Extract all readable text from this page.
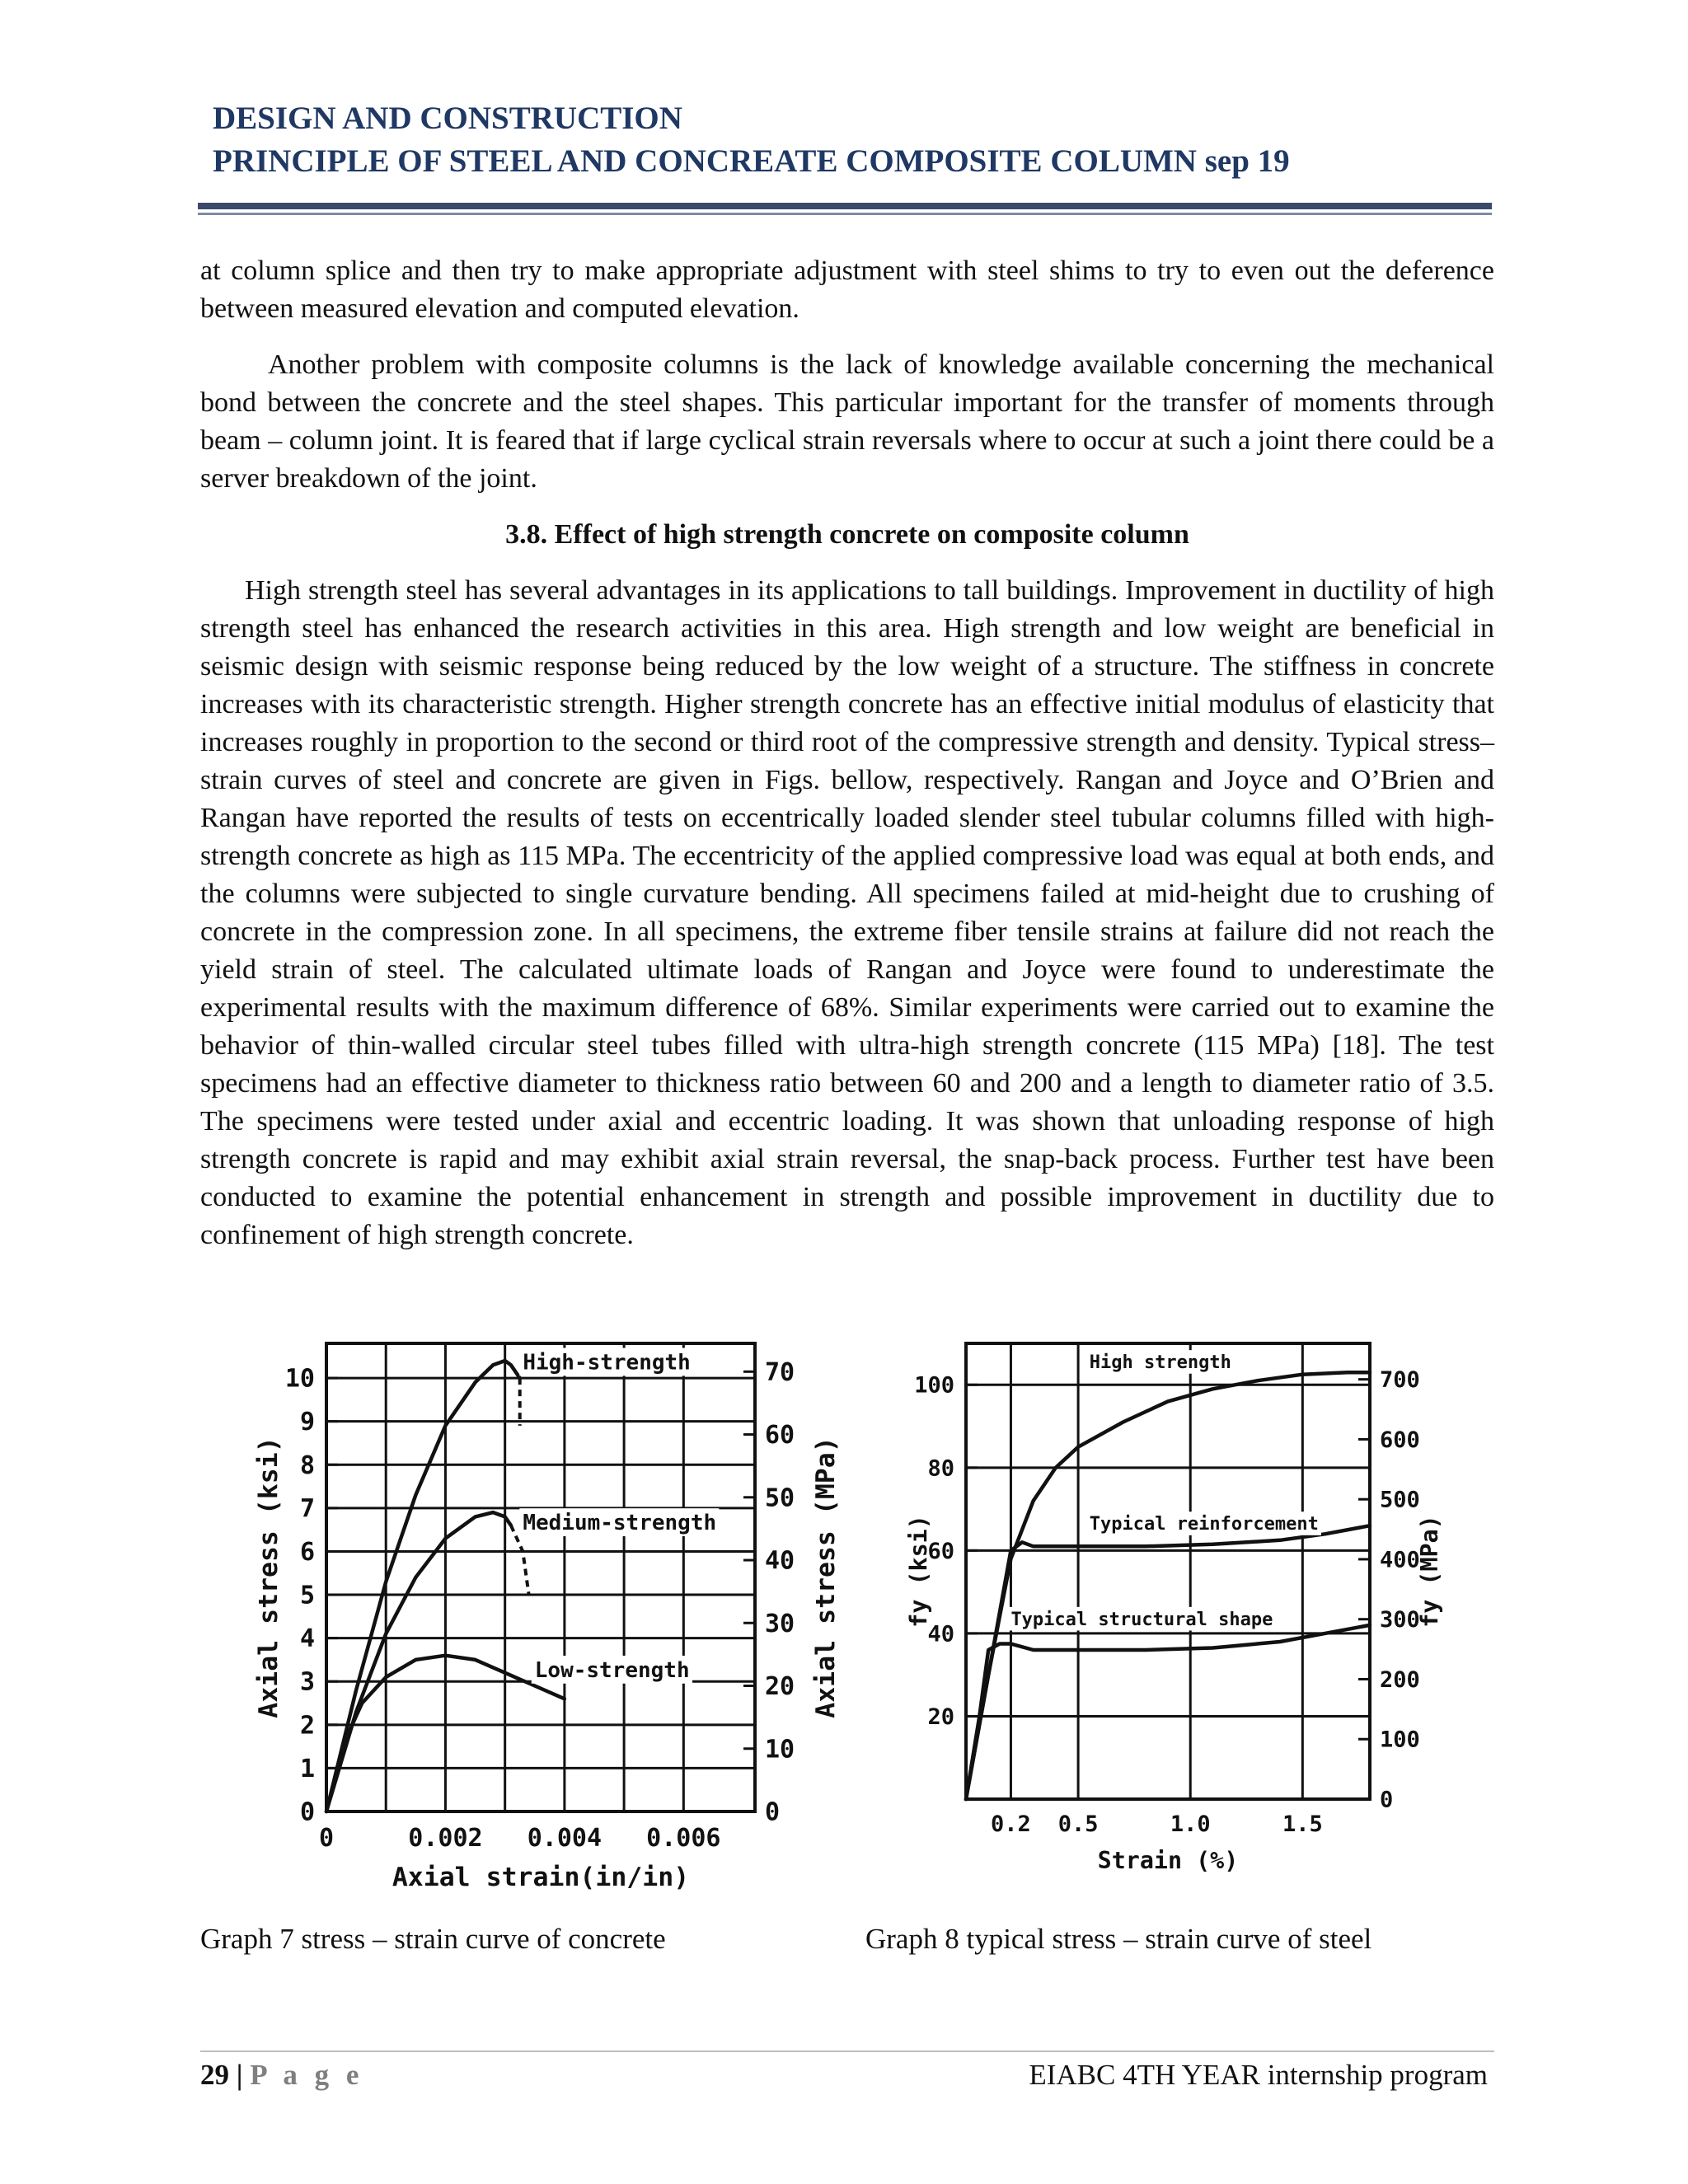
DESIGN AND CONSTRUCTION
PRINCIPLE OF STEEL AND CONCREATE COMPOSITE COLUMN sep 19

at column splice and then try to make appropriate adjustment with steel shims to try to even out the deference between measured elevation and computed elevation.

Another problem with composite columns is the lack of knowledge available concerning the mechanical bond between the concrete and the steel shapes. This particular important for the transfer of moments through beam – column joint. It is feared that if large cyclical strain reversals where to occur at such a joint there could be a server breakdown of the joint.

3.8. Effect of high strength concrete on composite column

High strength steel has several advantages in its applications to tall buildings. Improvement in ductility of high strength steel has enhanced the research activities in this area. High strength and low weight are beneficial in seismic design with seismic response being reduced by the low weight of a structure. The stiffness in concrete increases with its characteristic strength. Higher strength concrete has an effective initial modulus of elasticity that increases roughly in proportion to the second or third root of the compressive strength and density. Typical stress– strain curves of steel and concrete are given in Figs. bellow, respectively. Rangan and Joyce and O’Brien and Rangan have reported the results of tests on eccentrically loaded slender steel tubular columns filled with high-strength concrete as high as 115 MPa. The eccentricity of the applied compressive load was equal at both ends, and the columns were subjected to single curvature bending. All specimens failed at mid-height due to crushing of concrete in the compression zone. In all specimens, the extreme fiber tensile strains at failure did not reach the yield strain of steel. The calculated ultimate loads of Rangan and Joyce were found to underestimate the experimental results with the maximum difference of 68%. Similar experiments were carried out to examine the behavior of thin-walled circular steel tubes filled with ultra-high strength concrete (115 MPa) [18]. The test specimens had an effective diameter to thickness ratio between 60 and 200 and a length to diameter ratio of 3.5. The specimens were tested under axial and eccentric loading. It was shown that unloading response of high strength concrete is rapid and may exhibit axial strain reversal, the snap-back process. Further test have been conducted to examine the potential enhancement in strength and possible improvement in ductility due to confinement of high strength concrete.

0
1
2
3
4
5
6
7
8
9
10
0
10
20
30
40
50
60
70
0	0.002 0.004 0.006
Axial strain(in/in)
Axial stress (ksi)	Axial stress (MPa)
High-strength
Medium-strength
Low-strength
20
40
60
80
100
0
100
200
300
400
500
600
700
0.2 0.5	1.0	1.5
Strain (%)
fy (ksi)	fy (MPa)
High strength
Typical reinforcement
Typical structural shape
Graph 7 stress – strain curve of concrete	Graph 8 typical stress – strain curve of steel
29 | P a g e	EIABC 4TH YEAR internship program
